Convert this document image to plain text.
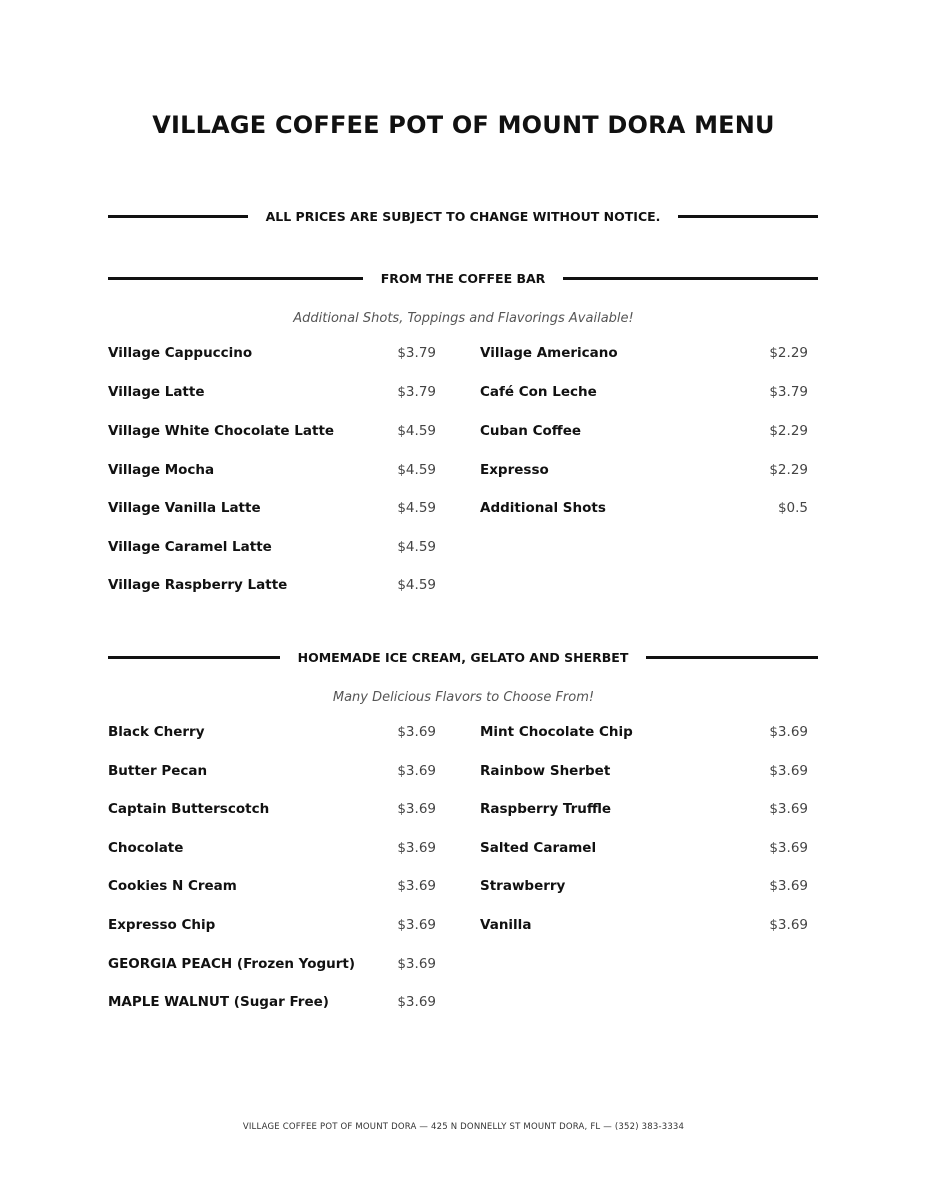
VILLAGE COFFEE POT OF MOUNT DORA MENU
ALL PRICES ARE SUBJECT TO CHANGE WITHOUT NOTICE.
FROM THE COFFEE BAR
Additional Shots, Toppings and Flavorings Available!
Village Cappuccino	$3.79
Village Latte	$3.79
Village White Chocolate Latte	$4.59
Village Mocha	$4.59
Village Vanilla Latte	$4.59
Village Caramel Latte	$4.59
Village Raspberry Latte	$4.59
Village Americano	$2.29
Café Con Leche	$3.79
Cuban Coffee	$2.29
Expresso	$2.29
Additional Shots	$0.5
HOMEMADE ICE CREAM, GELATO AND SHERBET
Many Delicious Flavors to Choose From!
Black Cherry	$3.69
Butter Pecan	$3.69
Captain Butterscotch	$3.69
Chocolate	$3.69
Cookies N Cream	$3.69
Expresso Chip	$3.69
GEORGIA PEACH (Frozen Yogurt)	$3.69
MAPLE WALNUT (Sugar Free)	$3.69
Mint Chocolate Chip	$3.69
Rainbow Sherbet	$3.69
Raspberry Truffle	$3.69
Salted Caramel	$3.69
Strawberry	$3.69
Vanilla	$3.69
VILLAGE COFFEE POT OF MOUNT DORA — 425 N DONNELLY ST MOUNT DORA, FL — (352) 383-3334
